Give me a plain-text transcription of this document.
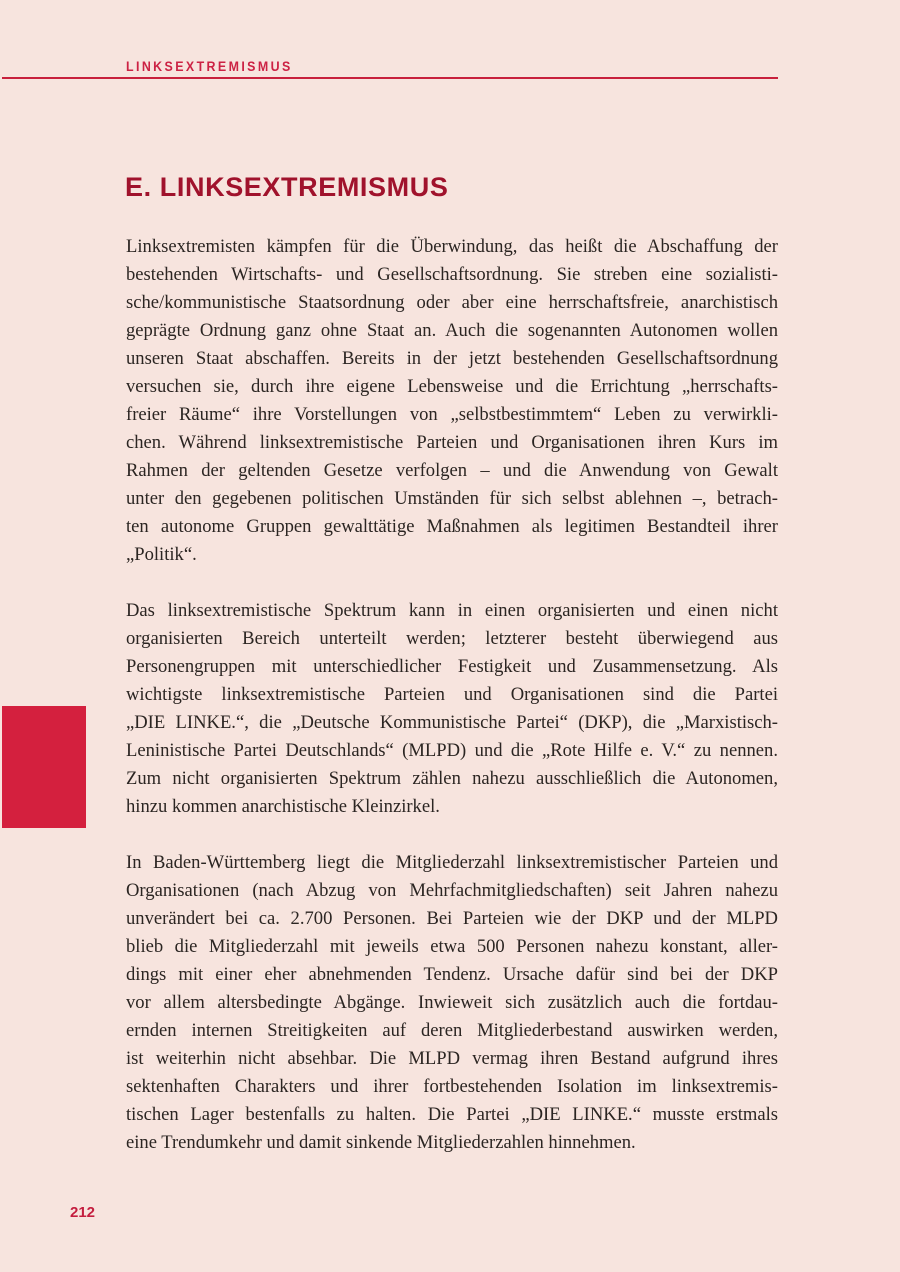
LINKSEXTREMISMUS
E. LINKSEXTREMISMUS
Linksextremisten kämpfen für die Überwindung, das heißt die Abschaffung der
bestehenden Wirtschafts- und Gesellschaftsordnung. Sie streben eine sozialisti-
sche/kommunistische Staatsordnung oder aber eine herrschaftsfreie, anarchistisch
geprägte Ordnung ganz ohne Staat an. Auch die sogenannten Autonomen wollen
unseren Staat abschaffen. Bereits in der jetzt bestehenden Gesellschaftsordnung
versuchen sie, durch ihre eigene Lebensweise und die Errichtung „herrschafts-
freier Räume“ ihre Vorstellungen von „selbstbestimmtem“ Leben zu verwirkli-
chen. Während linksextremistische Parteien und Organisationen ihren Kurs im
Rahmen der geltenden Gesetze verfolgen – und die Anwendung von Gewalt
unter den gegebenen politischen Umständen für sich selbst ablehnen –, betrach-
ten autonome Gruppen gewalttätige Maßnahmen als legitimen Bestandteil ihrer
„Politik“.
Das linksextremistische Spektrum kann in einen organisierten und einen nicht
organisierten Bereich unterteilt werden; letzterer besteht überwiegend aus
Personengruppen mit unterschiedlicher Festigkeit und Zusammensetzung. Als
wichtigste linksextremistische Parteien und Organisationen sind die Partei
„DIE LINKE.“, die „Deutsche Kommunistische Partei“ (DKP), die „Marxistisch-
Leninistische Partei Deutschlands“ (MLPD) und die „Rote Hilfe e. V.“ zu nennen.
Zum nicht organisierten Spektrum zählen nahezu ausschließlich die Autonomen,
hinzu kommen anarchistische Kleinzirkel.
In Baden-Württemberg liegt die Mitgliederzahl linksextremistischer Parteien und
Organisationen (nach Abzug von Mehrfachmitgliedschaften) seit Jahren nahezu
unverändert bei ca. 2.700 Personen. Bei Parteien wie der DKP und der MLPD
blieb die Mitgliederzahl mit jeweils etwa 500 Personen nahezu konstant, aller-
dings mit einer eher abnehmenden Tendenz. Ursache dafür sind bei der DKP
vor allem altersbedingte Abgänge. Inwieweit sich zusätzlich auch die fortdau-
ernden internen Streitigkeiten auf deren Mitgliederbestand auswirken werden,
ist weiterhin nicht absehbar. Die MLPD vermag ihren Bestand aufgrund ihres
sektenhaften Charakters und ihrer fortbestehenden Isolation im linksextremis-
tischen Lager bestenfalls zu halten. Die Partei „DIE LINKE.“ musste erstmals
eine Trendumkehr und damit sinkende Mitgliederzahlen hinnehmen.
212
